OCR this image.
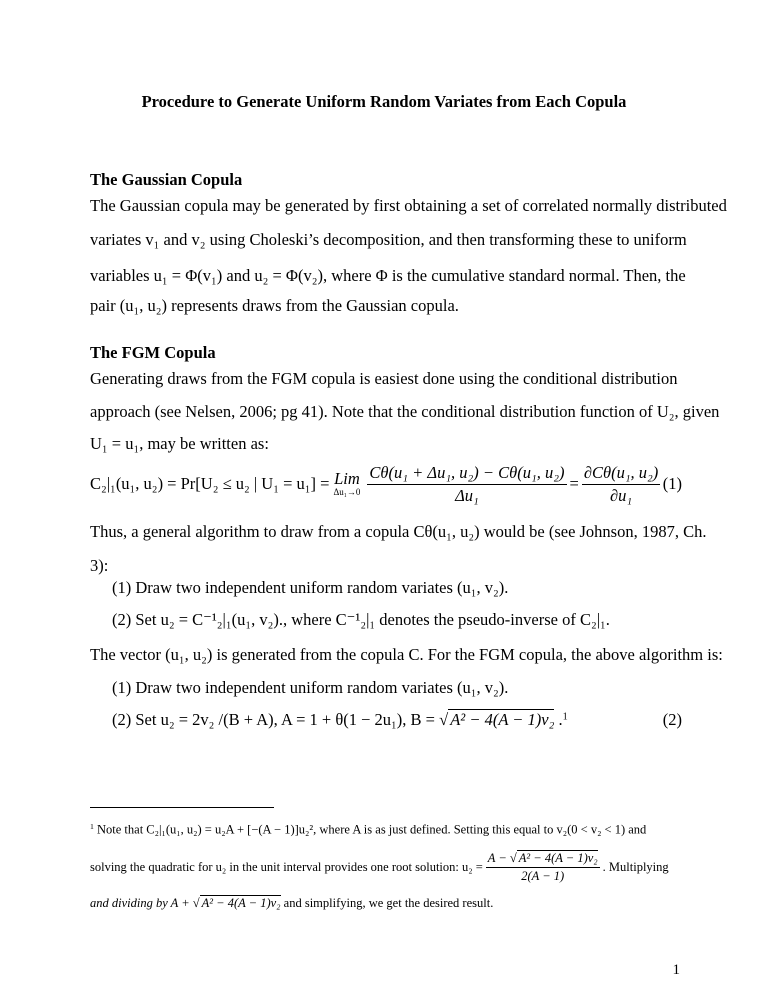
Procedure to Generate Uniform Random Variates from Each Copula
The Gaussian Copula
The Gaussian copula may be generated by first obtaining a set of correlated normally distributed
variates v₁ and v₂ using Choleski’s decomposition, and then transforming these to uniform
variables u₁ = Φ(v₁) and u₂ = Φ(v₂), where Φ is the cumulative standard normal. Then, the
pair (u₁, u₂) represents draws from the Gaussian copula.
The FGM Copula
Generating draws from the FGM copula is easiest done using the conditional distribution
approach (see Nelsen, 2006; pg 41). Note that the conditional distribution function of U₂, given
U₁ = u₁, may be written as:
C₂|₁(u₁, u₂) = Pr[U₂ ≤ u₂ | U₁ = u₁] = Lim
$\Delta u_1\to 0 \frac{\text{Cθ(u₁ + Δu₁, u₂) − Cθ(u₁, u₂)}}{\text{Δu₁}} = \frac{\text{∂Cθ(u₁, u₂)}}{\text{∂u₁}} (1)$
Thus, a general algorithm to draw from a copula Cθ(u₁, u₂) would be (see Johnson, 1987, Ch.
3):
(1) Draw two independent uniform random variates (u₁, v₂).
(2) Set u₂ = C⁻¹₂|₁(u₁, v₂)., where C⁻¹₂|₁ denotes the pseudo-inverse of C₂|₁.
The vector (u₁, u₂) is generated from the copula C. For the FGM copula, the above algorithm is:
(1) Draw two independent uniform random variates (u₁, v₂).
(2) Set u₂ = 2v₂ /(B + A), A = 1 + θ(1 − 2u₁), B = √ A² − 4(A − 1)v₂ .$^1$	(2)
$^1$ Note that C₂|₁(u₁, u₂) = u₂A + [−(A − 1)]u₂², where A is as just defined. Setting this equal to v₂(0 < v₂ < 1) and
solving the quadratic for u₂ in the unit interval provides one root solution: $u_2 = \frac{\text{A − √ A² − 4(A − 1)v₂}}{2(A - 1)}$ . Multiplying
and dividing by A + √ A² − 4(A − 1)v₂ and simplifying, we get the desired result.
1
